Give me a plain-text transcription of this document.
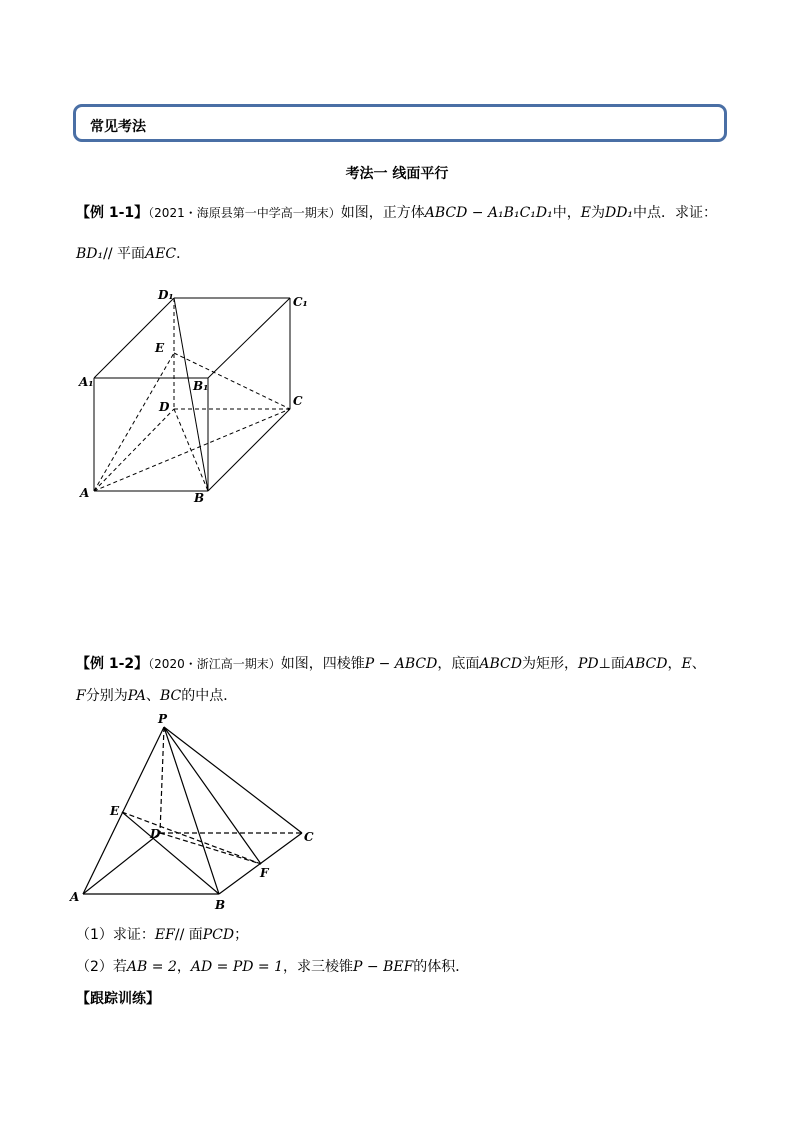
常见考法
考法一 线面平行
【例 1-1】（2021・海原县第一中学高一期末）如图，正方体ABCD − A₁B₁C₁D₁中，E为DD₁中点．求证：
BD₁// 平面AEC．
D₁	C₁
E
A₁	B₁
D	C
A	B
【例 1-2】（2020・浙江高一期末）如图，四棱锥P − ABCD，底面ABCD为矩形，PD⊥面ABCD，E、
F分别为PA、BC的中点．
P
E
D	C
F
A
B
（1）求证：EF// 面PCD；
（2）若AB = 2，AD = PD = 1，求三棱锥P − BEF的体积．
【跟踪训练】
